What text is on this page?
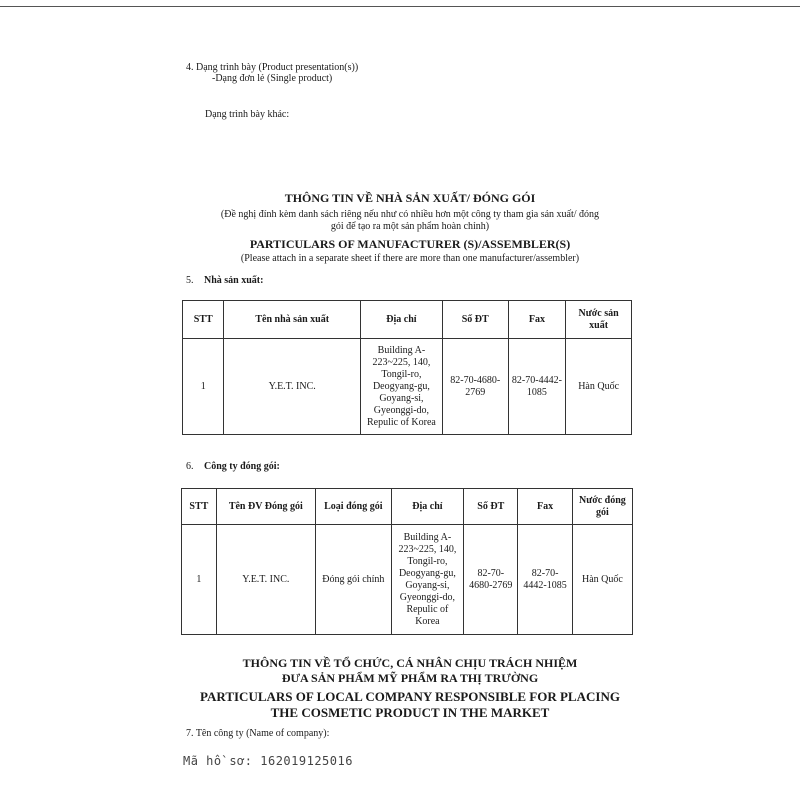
4. Dạng trình bày (Product presentation(s))
-Dạng đơn lẻ (Single product)
Dạng trình bày khác:
THÔNG TIN VỀ NHÀ SẢN XUẤT/ ĐÓNG GÓI
(Đề nghị đính kèm danh sách riêng nếu như có nhiều hơn một công ty tham gia sản xuất/ đóng
gói để tạo ra một sản phẩm hoàn chỉnh)
PARTICULARS OF MANUFACTURER (S)/ASSEMBLER(S)
(Please attach in a separate sheet if there are more than one manufacturer/assembler)
5. Nhà sản xuất:
STT	Tên nhà sản xuất	Địa chỉ	Số ĐT	Fax	Nước sản xuất
1	Y.E.T. INC.	Building A-223~225, 140, Tongil-ro, Deogyang-gu, Goyang-si, Gyeonggi-do, Repulic of Korea	82-70-4680-2769	82-70-4442-1085	Hàn Quốc
6. Công ty đóng gói:
STT	Tên ĐV Đóng gói	Loại đóng gói	Địa chỉ	Số ĐT	Fax	Nước đóng gói
1	Y.E.T. INC.	Đóng gói chính	Building A-223~225, 140, Tongil-ro, Deogyang-gu, Goyang-si, Gyeonggi-do, Repulic of Korea	82-70-4680-2769	82-70-4442-1085	Hàn Quốc
THÔNG TIN VỀ TỔ CHỨC, CÁ NHÂN CHỊU TRÁCH NHIỆM
ĐƯA SẢN PHẨM MỸ PHẨM RA THỊ TRƯỜNG
PARTICULARS OF LOCAL COMPANY RESPONSIBLE FOR PLACING
THE COSMETIC PRODUCT IN THE MARKET
7. Tên công ty (Name of company):
Mã hồ sơ: 162019125016
